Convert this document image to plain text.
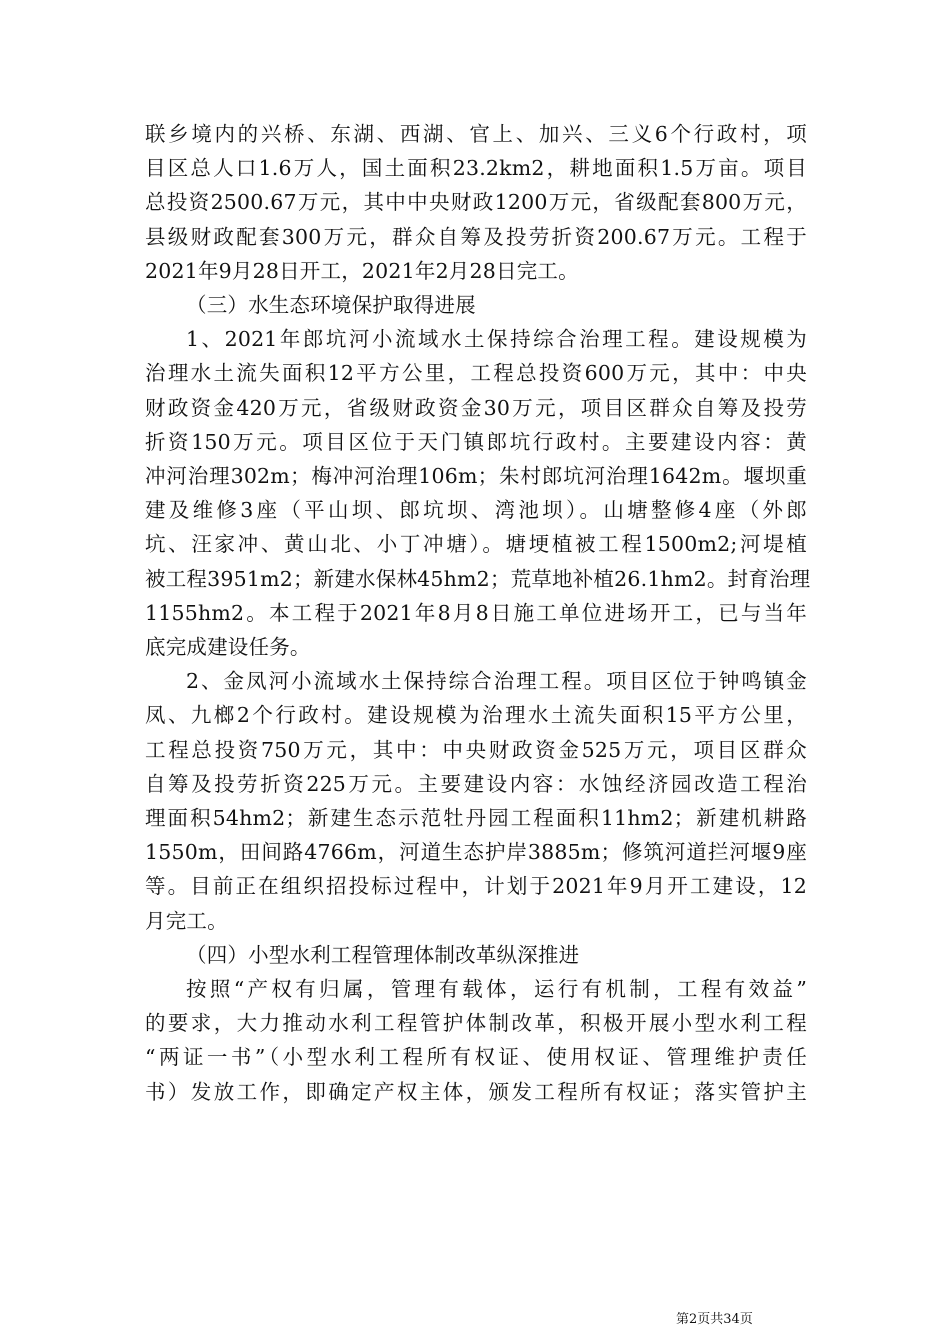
联乡境内的兴桥、东湖、西湖、官上、加兴、三义6个行政村，项
目区总人口1.6万人，国土面积23.2km2，耕地面积1.5万亩。项目
总投资2500.67万元，其中中央财政1200万元，省级配套800万元，
县级财政配套300万元，群众自筹及投劳折资200.67万元。工程于
2021年9月28日开工，2021年2月28日完工。
（三）水生态环境保护取得进展
1、2021年郎坑河小流域水土保持综合治理工程。建设规模为
治理水土流失面积12平方公里，工程总投资600万元，其中：中央
财政资金420万元，省级财政资金30万元，项目区群众自筹及投劳
折资150万元。项目区位于天门镇郎坑行政村。主要建设内容：黄
冲河治理302m；梅冲河治理106m；朱村郎坑河治理1642m。堰坝重
建及维修3座（平山坝、郎坑坝、湾池坝）。山塘整修4座（外郎
坑、汪家冲、黄山北、小丁冲塘）。塘埂植被工程1500m2;河堤植
被工程3951m2；新建水保林45hm2；荒草地补植26.1hm2。封育治理
1155hm2。本工程于2021年8月8日施工单位进场开工，已与当年
底完成建设任务。
2、金凤河小流域水土保持综合治理工程。项目区位于钟鸣镇金
凤、九榔2个行政村。建设规模为治理水土流失面积15平方公里，
工程总投资750万元，其中：中央财政资金525万元，项目区群众
自筹及投劳折资225万元。主要建设内容：水蚀经济园改造工程治
理面积54hm2；新建生态示范牡丹园工程面积11hm2；新建机耕路
1550m，田间路4766m，河道生态护岸3885m；修筑河道拦河堰9座
等。目前正在组织招投标过程中，计划于2021年9月开工建设，12
月完工。
（四）小型水利工程管理体制改革纵深推进
按照“产权有归属，管理有载体，运行有机制，工程有效益”
的要求，大力推动水利工程管护体制改革，积极开展小型水利工程
“两证一书”（小型水利工程所有权证、使用权证、管理维护责任
书）发放工作，即确定产权主体，颁发工程所有权证；落实管护主
第2页共34页
